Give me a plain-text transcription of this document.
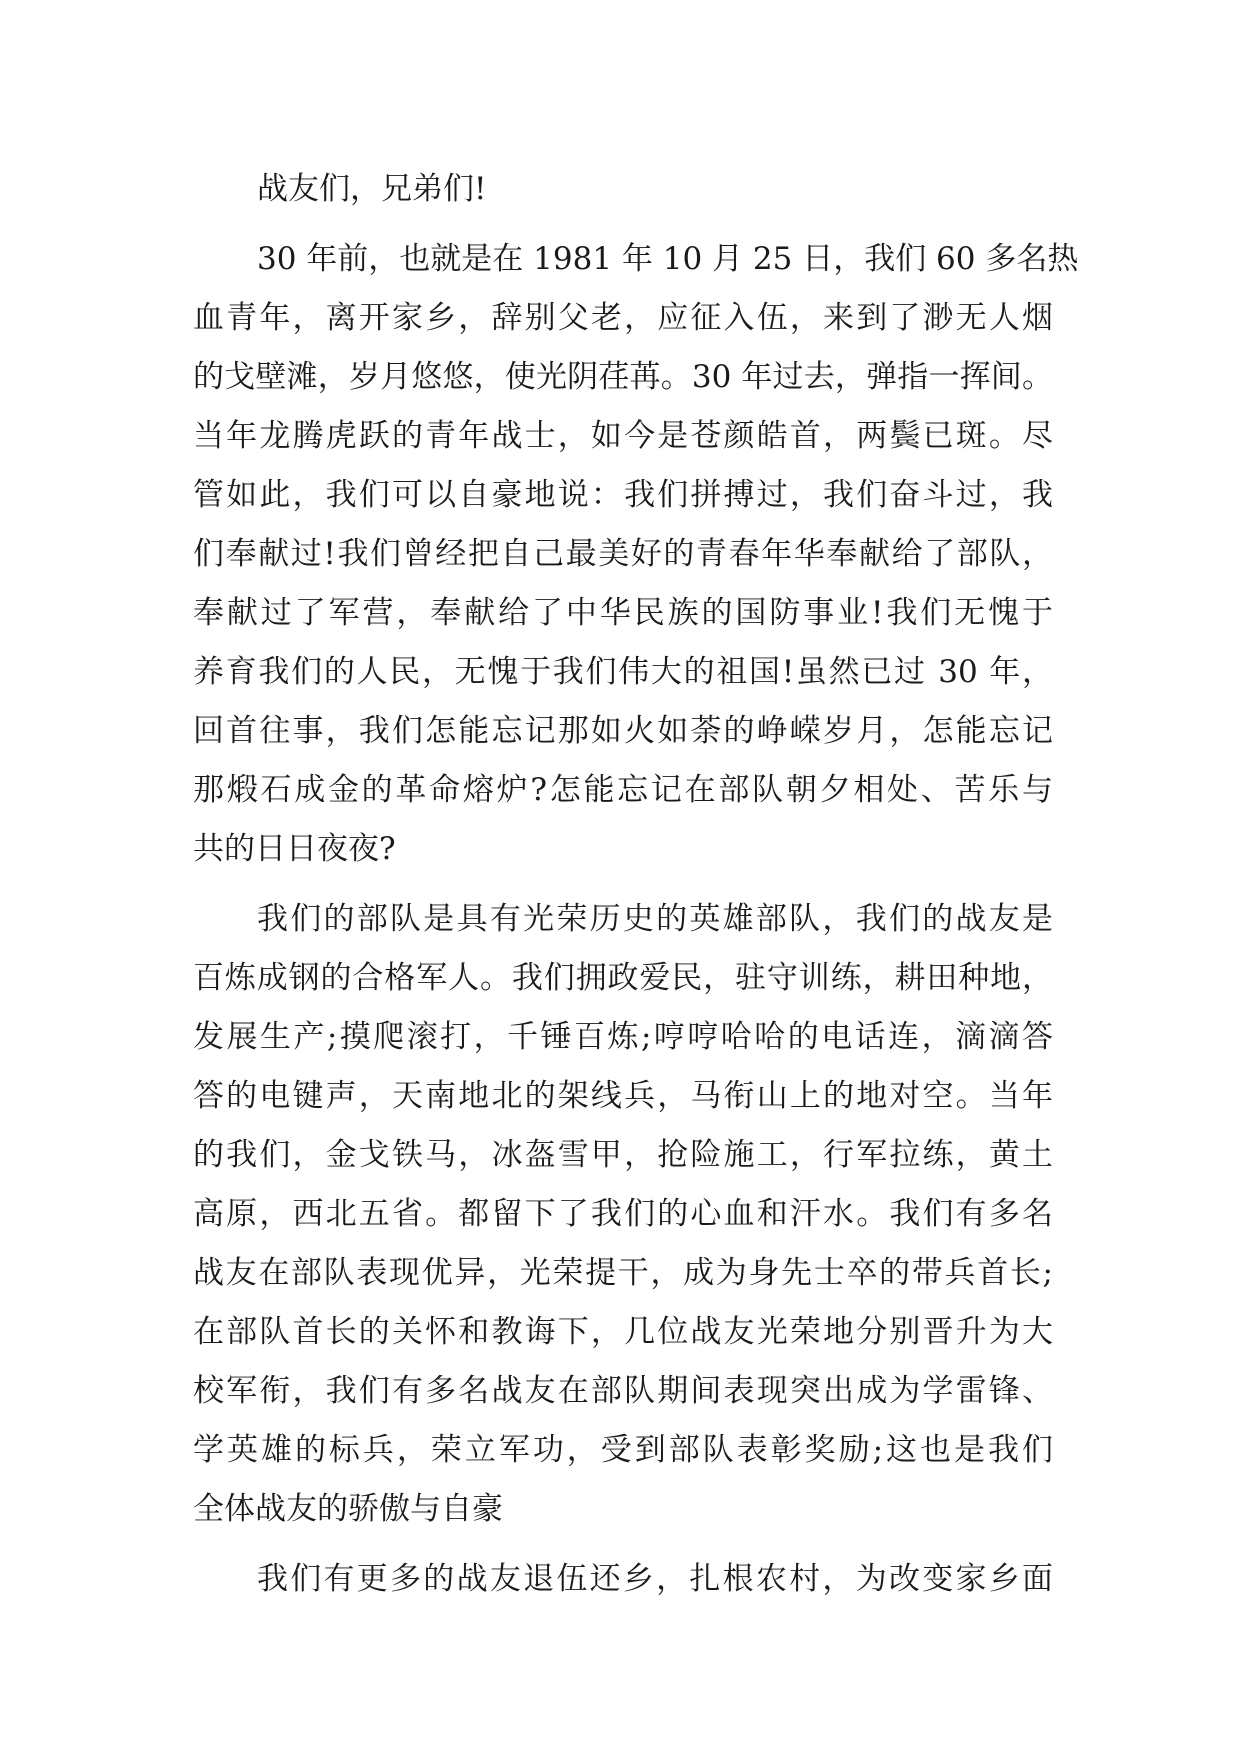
战友们，兄弟们!
30 年前，也就是在 1981 年 10 月 25 日，我们 60 多名热
血青年，离开家乡，辞别父老，应征入伍，来到了渺无人烟
的戈壁滩，岁月悠悠，使光阴荏苒。30 年过去，弹指一挥间。
当年龙腾虎跃的青年战士，如今是苍颜皓首，两鬓已斑。尽
管如此，我们可以自豪地说：我们拼搏过，我们奋斗过，我
们奉献过!我们曾经把自己最美好的青春年华奉献给了部队，
奉献过了军营，奉献给了中华民族的国防事业!我们无愧于
养育我们的人民，无愧于我们伟大的祖国!虽然已过 30 年，
回首往事，我们怎能忘记那如火如荼的峥嵘岁月，怎能忘记
那煅石成金的革命熔炉?怎能忘记在部队朝夕相处、苦乐与
共的日日夜夜?
我们的部队是具有光荣历史的英雄部队，我们的战友是
百炼成钢的合格军人。我们拥政爱民，驻守训练，耕田种地，
发展生产;摸爬滚打，千锤百炼;哼哼哈哈的电话连，滴滴答
答的电键声，天南地北的架线兵，马衔山上的地对空。当年
的我们，金戈铁马，冰盔雪甲，抢险施工，行军拉练，黄土
高原，西北五省。都留下了我们的心血和汗水。我们有多名
战友在部队表现优异，光荣提干，成为身先士卒的带兵首长;
在部队首长的关怀和教诲下，几位战友光荣地分别晋升为大
校军衔，我们有多名战友在部队期间表现突出成为学雷锋、
学英雄的标兵，荣立军功，受到部队表彰奖励;这也是我们
全体战友的骄傲与自豪
我们有更多的战友退伍还乡，扎根农村，为改变家乡面
